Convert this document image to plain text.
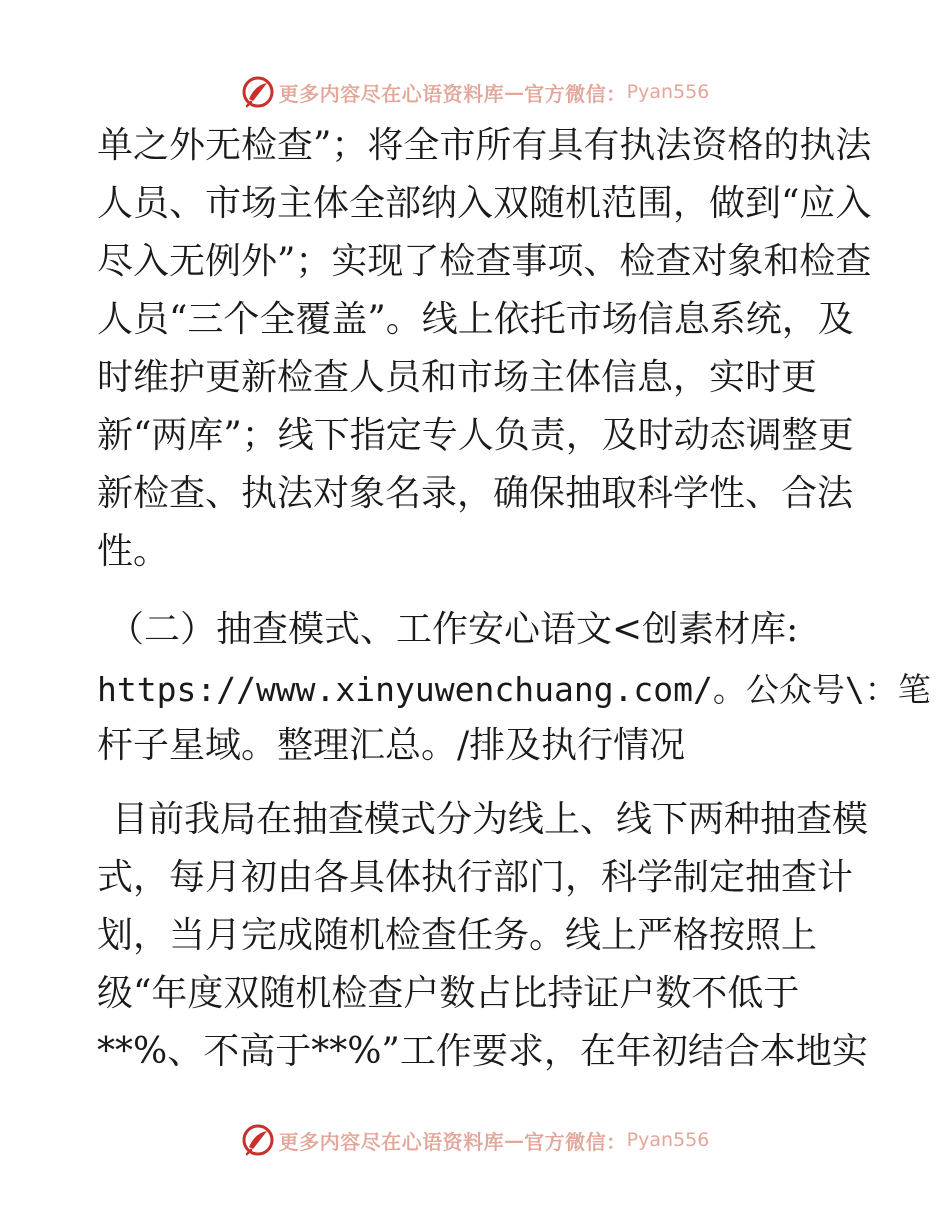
更多内容尽在心语资料库 — 官方微信： Pyan556
单之外无检查”；将全市所有具有执法资格的执法
人员、市场主体全部纳入双随机范围，做到“应入
尽入无例外”；实现了检查事项、检查对象和检查
人员“三个全覆盖”。线上依托市场信息系统，及
时维护更新检查人员和市场主体信息，实时更
新“两库”；线下指定专人负责，及时动态调整更
新检查、执法对象名录，确保抽取科学性、合法
性。
（二）抽查模式、工作安心语文<创素材库:
https://www.xinyuwenchuang.com/。公众号\：笔
杆子星域。整理汇总。/排及执行情况
目前我局在抽查模式分为线上、线下两种抽查模
式，每月初由各具体执行部门，科学制定抽查计
划，当月完成随机检查任务。线上严格按照上
级“年度双随机检查户数占比持证户数不低于
**%、不高于**%”工作要求，在年初结合本地实
更多内容尽在心语资料库 — 官方微信： Pyan556
